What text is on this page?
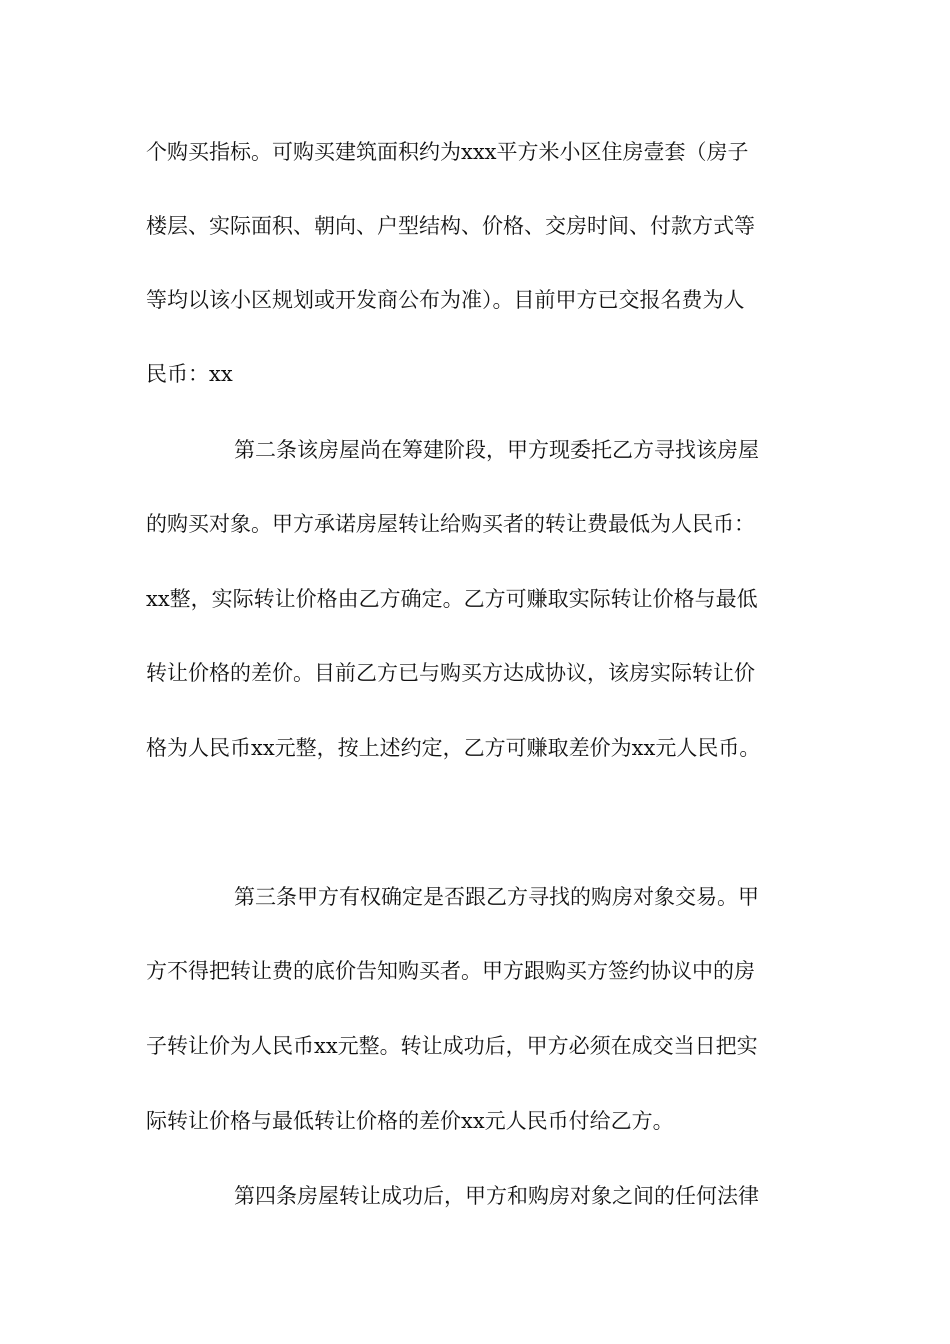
个购买指标。可购买建筑面积约为xxx平方米小区住房壹套（房子
楼层、实际面积、朝向、户型结构、价格、交房时间、付款方式等
等均以该小区规划或开发商公布为准）。目前甲方已交报名费为人
民币：xx
第二条该房屋尚在筹建阶段，甲方现委托乙方寻找该房屋
的购买对象。甲方承诺房屋转让给购买者的转让费最低为人民币：
xx整，实际转让价格由乙方确定。乙方可赚取实际转让价格与最低
转让价格的差价。目前乙方已与购买方达成协议，该房实际转让价
格为人民币xx元整，按上述约定，乙方可赚取差价为xx元人民币。
第三条甲方有权确定是否跟乙方寻找的购房对象交易。甲
方不得把转让费的底价告知购买者。甲方跟购买方签约协议中的房
子转让价为人民币xx元整。转让成功后，甲方必须在成交当日把实
际转让价格与最低转让价格的差价xx元人民币付给乙方。
第四条房屋转让成功后，甲方和购房对象之间的任何法律
